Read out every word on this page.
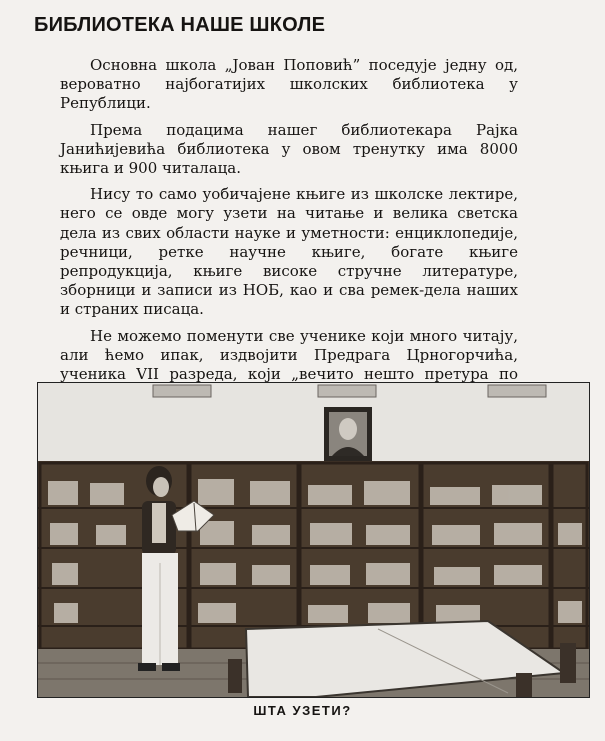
БИБЛИОТЕКА НАШЕ ШКОЛЕ

Основна школа „Јован Поповић” поседује једну од, вероватно најбогатијих школских библиотека у Републици.

Према подацима нашег библиотекара Рајка Јанићијевића библиотека у овом тренутку има 8000 књига и 900 читалаца.

Нису то само уобичајене књиге из школске лектире, него се овде могу узети на читање и велика светска дела из свих области науке и уметности: енциклопедије, речници, ретке научне књиге, богате књиге репродукција, књиге високе стручне литературе, зборници и записи из НОБ, као и сва ремек-дела наших и страних писаца.

Не можемо поменути све ученике који много читају, али ћемо ипак, издвојити Предрага Црногорчића, ученика VII разреда, који „вечито нешто претура по

ШТА УЗЕТИ?
